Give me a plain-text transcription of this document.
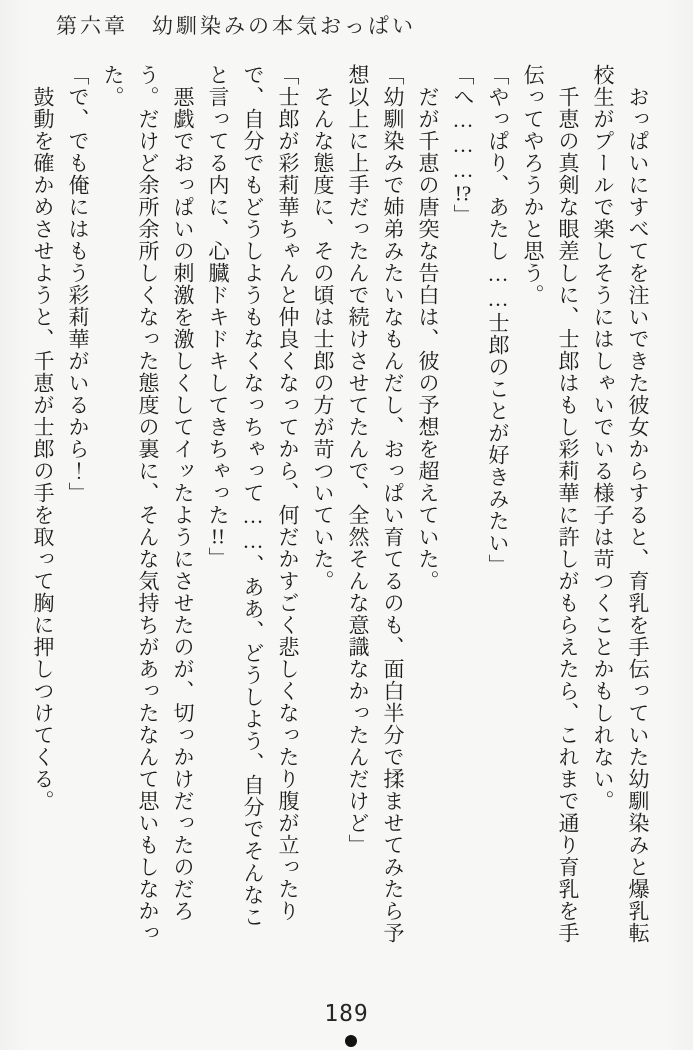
第六章　幼馴染みの本気おっぱい

おっぱいにすべてを注いできた彼女からすると、育乳を手伝っていた幼馴染みと爆乳転校生がプールで楽しそうにはしゃいでいる様子は苛つくことかもしれない。

千恵の真剣な眼差しに、士郎はもし彩莉華に許しがもらえたら、これまで通り育乳を手伝ってやろうかと思う。

「やっぱり、あたし……士郎のことが好きみたい」

「へ………!?」

だが千恵の唐突な告白は、彼の予想を超えていた。

「幼馴染みで姉弟みたいなもんだし、おっぱい育てるのも、面白半分で揉ませてみたら予想以上に上手だったんで続けさせてたんで、全然そんな意識なかったんだけど」

そんな態度に、その頃は士郎の方が苛ついていた。

「士郎が彩莉華ちゃんと仲良くなってから、何だかすごく悲しくなったり腹が立ったりで、自分でもどうしようもなくなっちゃって……、ああ、どうしよう、自分でそんなこと言ってる内に、心臓ドキドキしてきちゃった!!」

悪戯でおっぱいの刺激を激しくしてイッたようにさせたのが、切っかけだったのだろう。だけど余所余所しくなった態度の裏に、そんな気持ちがあったなんて思いもしなかった。

「で、でも俺にはもう彩莉華がいるから！」

鼓動を確かめさせようと、千恵が士郎の手を取って胸に押しつけてくる。

189
